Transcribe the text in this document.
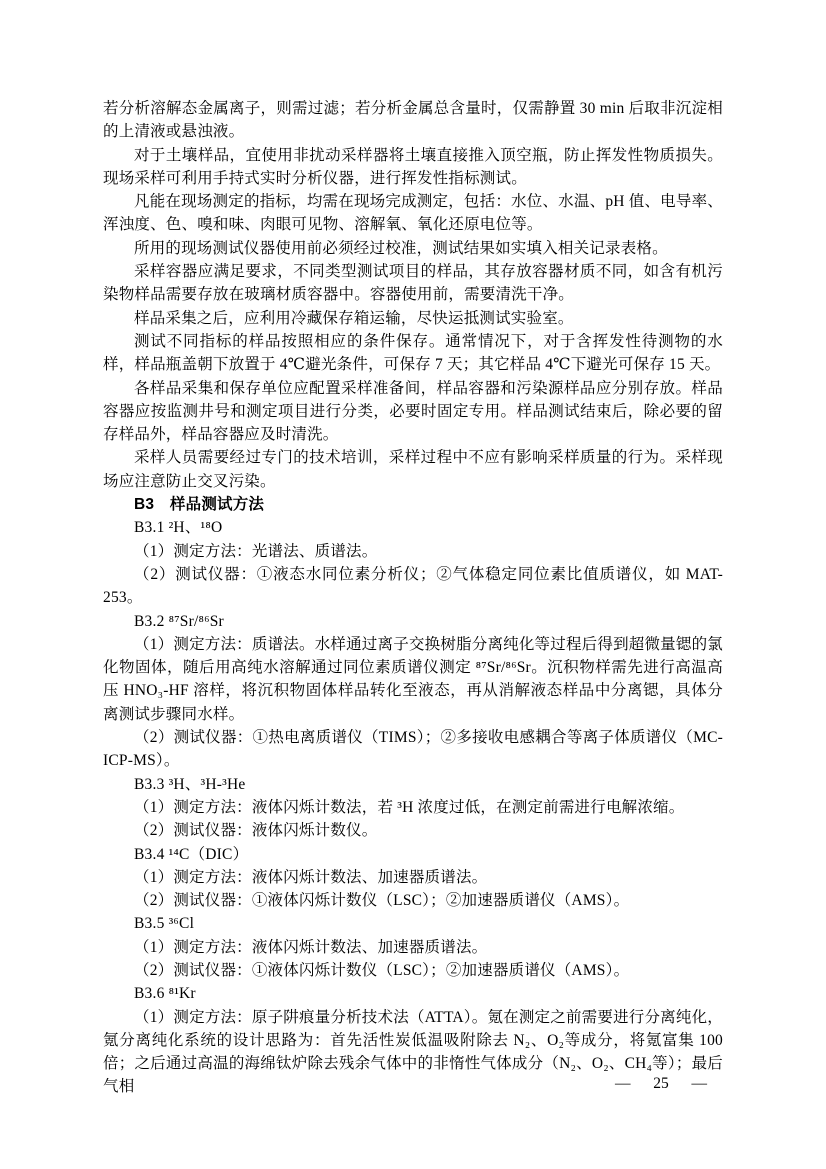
若分析溶解态金属离子，则需过滤；若分析金属总含量时，仅需静置 30 min 后取非沉淀相的上清液或悬浊液。

对于土壤样品，宜使用非扰动采样器将土壤直接推入顶空瓶，防止挥发性物质损失。现场采样可利用手持式实时分析仪器，进行挥发性指标测试。

凡能在现场测定的指标，均需在现场完成测定，包括：水位、水温、pH 值、电导率、浑浊度、色、嗅和味、肉眼可见物、溶解氧、氧化还原电位等。

所用的现场测试仪器使用前必须经过校准，测试结果如实填入相关记录表格。

采样容器应满足要求，不同类型测试项目的样品，其存放容器材质不同，如含有机污染物样品需要存放在玻璃材质容器中。容器使用前，需要清洗干净。

样品采集之后，应利用冷藏保存箱运输，尽快运抵测试实验室。

测试不同指标的样品按照相应的条件保存。通常情况下，对于含挥发性待测物的水样，样品瓶盖朝下放置于 4℃避光条件，可保存 7 天；其它样品 4℃下避光可保存 15 天。

各样品采集和保存单位应配置采样准备间，样品容器和污染源样品应分别存放。样品容器应按监测井号和测定项目进行分类，必要时固定专用。样品测试结束后，除必要的留存样品外，样品容器应及时清洗。

采样人员需要经过专门的技术培训，采样过程中不应有影响采样质量的行为。采样现场应注意防止交叉污染。

B3　样品测试方法

B3.1 ²H、¹⁸O

（1）测定方法：光谱法、质谱法。

（2）测试仪器：①液态水同位素分析仪；②气体稳定同位素比值质谱仪，如 MAT-253。

B3.2 ⁸⁷Sr/⁸⁶Sr

（1）测定方法：质谱法。水样通过离子交换树脂分离纯化等过程后得到超微量锶的氯化物固体，随后用高纯水溶解通过同位素质谱仪测定 ⁸⁷Sr/⁸⁶Sr。沉积物样需先进行高温高压 HNO₃-HF 溶样，将沉积物固体样品转化至液态，再从消解液态样品中分离锶，具体分离测试步骤同水样。

（2）测试仪器：①热电离质谱仪（TIMS）；②多接收电感耦合等离子体质谱仪（MC-ICP-MS）。

B3.3 ³H、³H-³He

（1）测定方法：液体闪烁计数法，若 ³H 浓度过低，在测定前需进行电解浓缩。

（2）测试仪器：液体闪烁计数仪。

B3.4 ¹⁴C（DIC）

（1）测定方法：液体闪烁计数法、加速器质谱法。

（2）测试仪器：①液体闪烁计数仪（LSC）；②加速器质谱仪（AMS）。

B3.5 ³⁶Cl

（1）测定方法：液体闪烁计数法、加速器质谱法。

（2）测试仪器：①液体闪烁计数仪（LSC）；②加速器质谱仪（AMS）。

B3.6 ⁸¹Kr

（1）测定方法：原子阱痕量分析技术法（ATTA）。氪在测定之前需要进行分离纯化，氪分离纯化系统的设计思路为：首先活性炭低温吸附除去 N₂、O₂等成分，将氪富集 100 倍；之后通过高温的海绵钛炉除去残余气体中的非惰性气体成分（N₂、O₂、CH₄等）；最后气相	— 25 —
